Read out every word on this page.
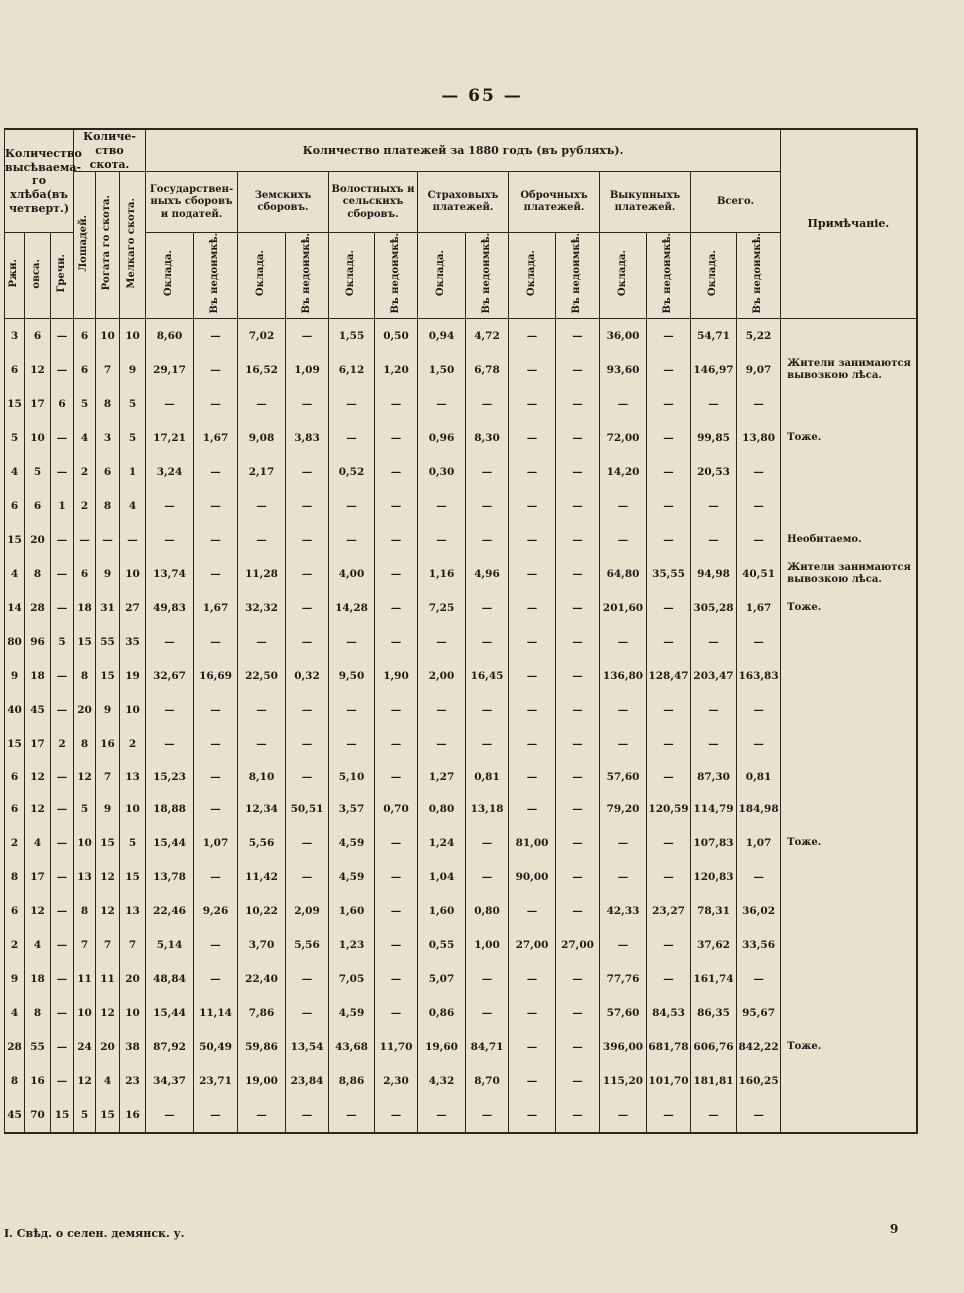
— 65 —
Количество высѣваема-го хлѣба(въ четверт.)			Количе-ство скота.			Количество платежей за 1880 годъ (въ рубляхъ).														Примѣчаніе.
			Лошадей.	Рогата го скота.	Мелкаго скота.	Государствен-ныхъ сборовъ и податей.		Земскихъ сборовъ.		Волостныхъ и сельскихъ сборовъ.		Страховыхъ платежей.		Оброчныхъ платежей.		Выкупныхъ платежей.		Всего.		
Ржи.	овса.	Гречи.				Оклада.	Въ недоимкѣ.	Оклада.	Въ недоимкѣ.	Оклада.	Въ недоимкѣ.	Оклада.	Въ недоимкѣ.	Оклада.	Въ недоимкѣ.	Оклада.	Въ недоимкѣ.	Оклада.	Въ недоимкѣ.	
3	6	—	6	10	10	8,60	—	7,02	—	1,55	0,50	0,94	4,72	—	—	36,00	—	54,71	5,22	
6	12	—	6	7	9	29,17	—	16,52	1,09	6,12	1,20	1,50	6,78	—	—	93,60	—	146,97	9,07	Жители занимаются вывозкою лѣса.
15	17	6	5	8	5	—	—	—	—	—	—	—	—	—	—	—	—	—	—	
5	10	—	4	3	5	17,21	1,67	9,08	3,83	—	—	0,96	8,30	—	—	72,00	—	99,85	13,80	Тоже.
4	5	—	2	6	1	3,24	—	2,17	—	0,52	—	0,30	—	—	—	14,20	—	20,53	—	
6	6	1	2	8	4	—	—	—	—	—	—	—	—	—	—	—	—	—	—	
15	20	—	—	—	—	—	—	—	—	—	—	—	—	—	—	—	—	—	—	Необитаемо.
4	8	—	6	9	10	13,74	—	11,28	—	4,00	—	1,16	4,96	—	—	64,80	35,55	94,98	40,51	Жители занимаются вывозкою лѣса.
14	28	—	18	31	27	49,83	1,67	32,32	—	14,28	—	7,25	—	—	—	201,60	—	305,28	1,67	Тоже.
80	96	5	15	55	35	—	—	—	—	—	—	—	—	—	—	—	—	—	—	
9	18	—	8	15	19	32,67	16,69	22,50	0,32	9,50	1,90	2,00	16,45	—	—	136,80	128,47	203,47	163,83	
40	45	—	20	9	10	—	—	—	—	—	—	—	—	—	—	—	—	—	—	
15	17	2	8	16	2	—	—	—	—	—	—	—	—	—	—	—	—	—	—	
6	12	—	12	7	13	15,23	—	8,10	—	5,10	—	1,27	0,81	—	—	57,60	—	87,30	0,81	
6	12	—	5	9	10	18,88	—	12,34	50,51	3,57	0,70	0,80	13,18	—	—	79,20	120,59	114,79	184,98	
2	4	—	10	15	5	15,44	1,07	5,56	—	4,59	—	1,24	—	81,00	—	—	—	107,83	1,07	Тоже.
8	17	—	13	12	15	13,78	—	11,42	—	4,59	—	1,04	—	90,00	—	—	—	120,83	—	
6	12	—	8	12	13	22,46	9,26	10,22	2,09	1,60	—	1,60	0,80	—	—	42,33	23,27	78,31	36,02	
2	4	—	7	7	7	5,14	—	3,70	5,56	1,23	—	0,55	1,00	27,00	27,00	—	—	37,62	33,56	
9	18	—	11	11	20	48,84	—	22,40	—	7,05	—	5,07	—	—	—	77,76	—	161,74	—	
4	8	—	10	12	10	15,44	11,14	7,86	—	4,59	—	0,86	—	—	—	57,60	84,53	86,35	95,67	
28	55	—	24	20	38	87,92	50,49	59,86	13,54	43,68	11,70	19,60	84,71	—	—	396,00	681,78	606,76	842,22	Тоже.
8	16	—	12	4	23	34,37	23,71	19,00	23,84	8,86	2,30	4,32	8,70	—	—	115,20	101,70	181,81	160,25	
45	70	15	5	15	16	—	—	—	—	—	—	—	—	—	—	—	—	—	—	
I. Свѣд. о селен. демянск. у.	9
